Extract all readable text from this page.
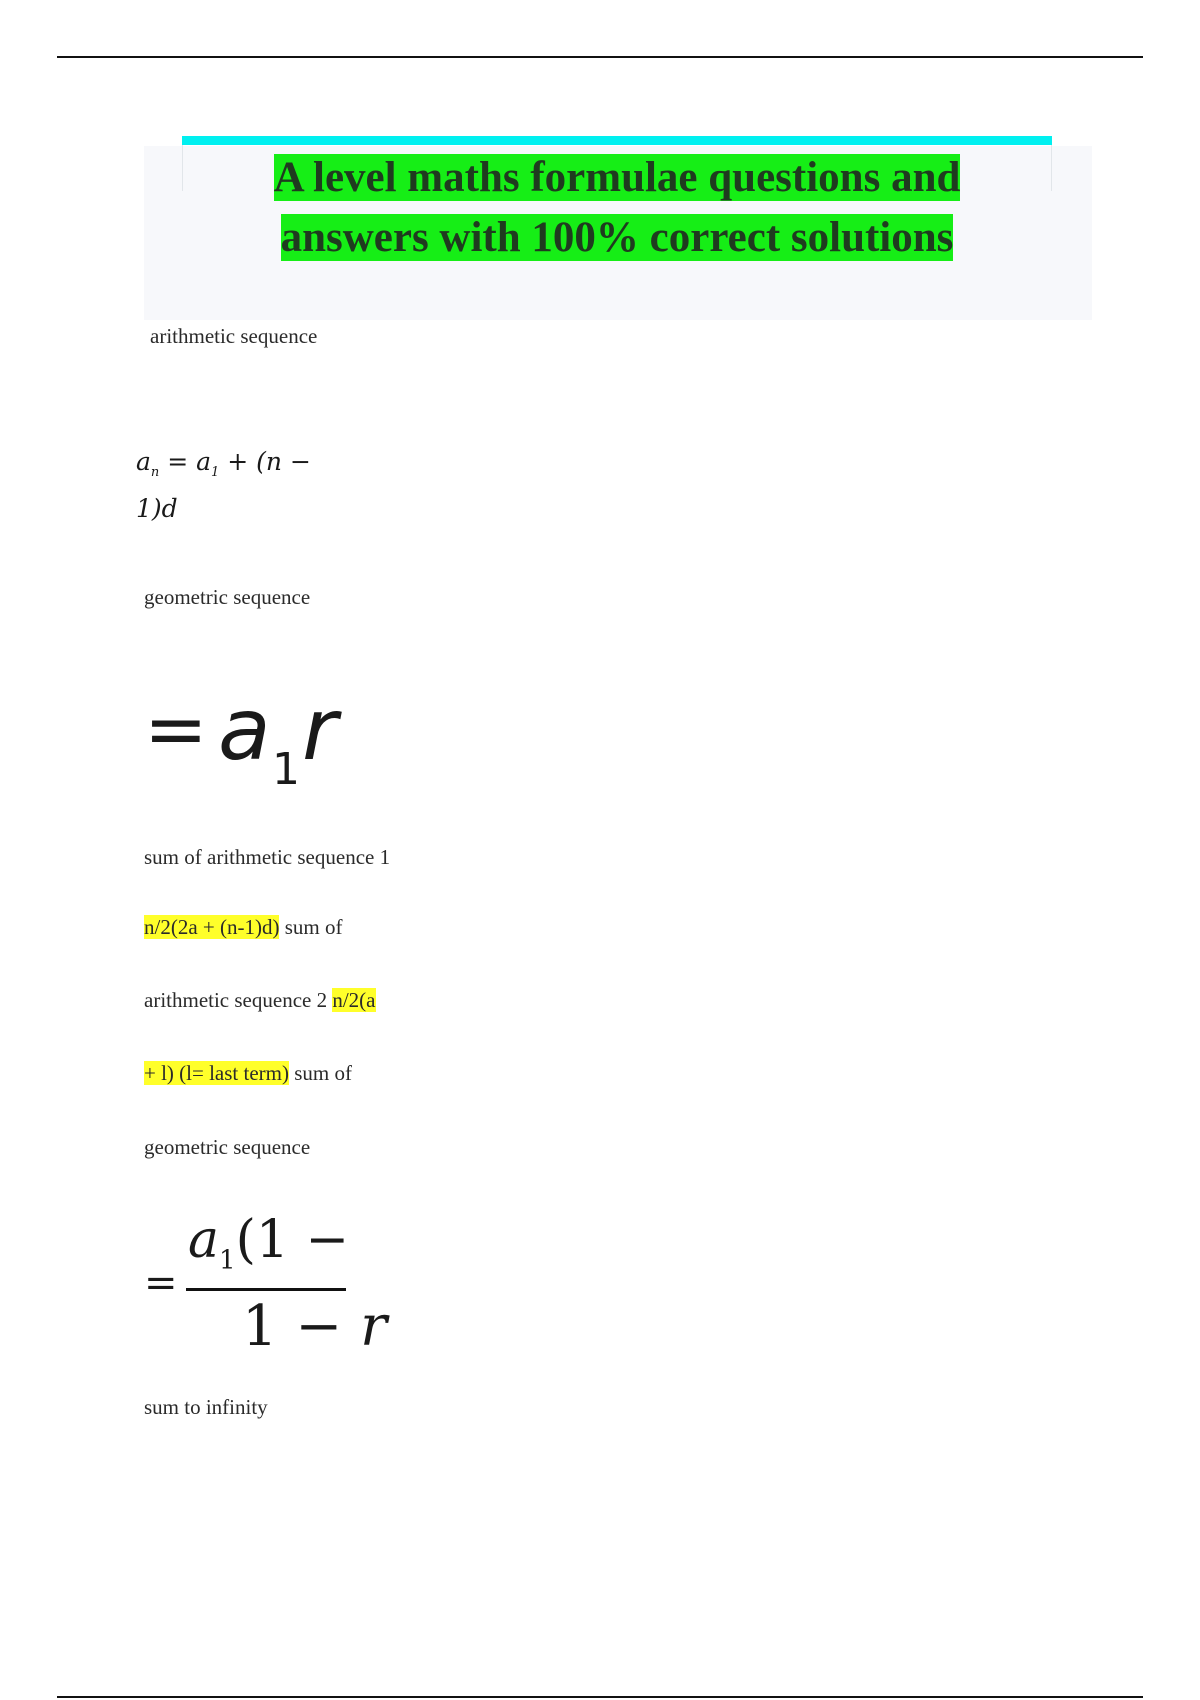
A level maths formulae questions and
answers with 100% correct solutions

arithmetic sequence

$a_n = a_1 + (n - 1)d$

geometric sequence

= a 1 r

sum of arithmetic sequence 1

n/2(2a + (n-1)d) sum of

arithmetic sequence 2 n/2(a

+ l) (l= last term) sum of

geometric sequence

=
$a_1(1$ −
1 − r

sum to infinity
